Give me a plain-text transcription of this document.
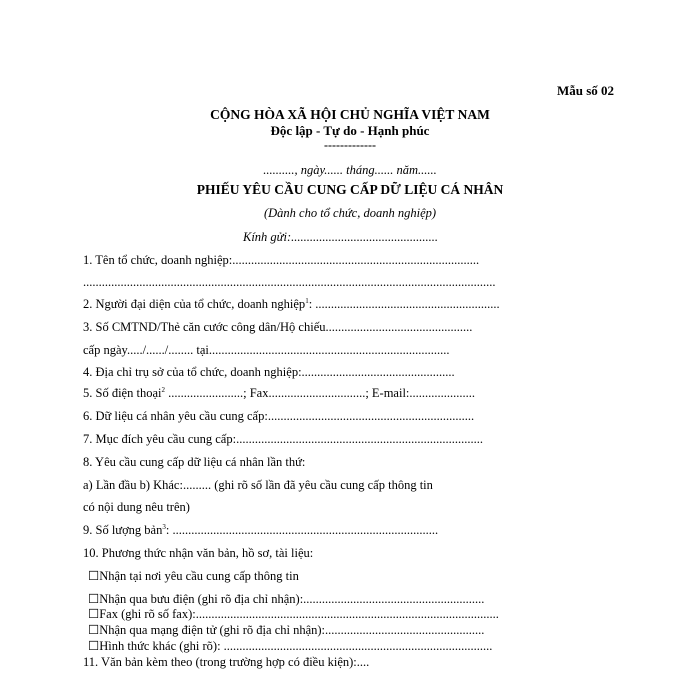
Mẫu số 02
CỘNG HÒA XÃ HỘI CHỦ NGHĨA VIỆT NAM
Độc lập - Tự do - Hạnh phúc
-------------
.........., ngày...... tháng...... năm......
PHIẾU YÊU CẦU CUNG CẤP DỮ LIỆU CÁ NHÂN
(Dành cho tổ chức, doanh nghiệp)
Kính gửi:...............................................
1. Tên tổ chức, doanh nghiệp:...............................................................................
....................................................................................................................................
2. Người đại diện của tổ chức, doanh nghiệp$^1$: ...........................................................
3. Số CMTND/Thẻ căn cước công dân/Hộ chiếu...............................................
cấp ngày...../....../........ tại.............................................................................
4. Địa chỉ trụ sở của tổ chức, doanh nghiệp:.................................................
5. Số điện thoại$^2$ ........................; Fax...............................; E-mail:.....................
6. Dữ liệu cá nhân yêu cầu cung cấp:..................................................................
7. Mục đích yêu cầu cung cấp:...............................................................................
8. Yêu cầu cung cấp dữ liệu cá nhân lần thứ:
a) Lần đầu b) Khác:......... (ghi rõ số lần đã yêu cầu cung cấp thông tin
có nội dung nêu trên)
9. Số lượng bản$^3$: .....................................................................................
10. Phương thức nhận văn bản, hồ sơ, tài liệu:
☐Nhận tại nơi yêu cầu cung cấp thông tin
☐Nhận qua bưu điện (ghi rõ địa chỉ nhận):..........................................................
☐Fax (ghi rõ số fax):.................................................................................................
☐Nhận qua mạng điện tử (ghi rõ địa chỉ nhận):...................................................
☐Hình thức khác (ghi rõ): ......................................................................................
11. Văn bản kèm theo (trong trường hợp có điều kiện):....
